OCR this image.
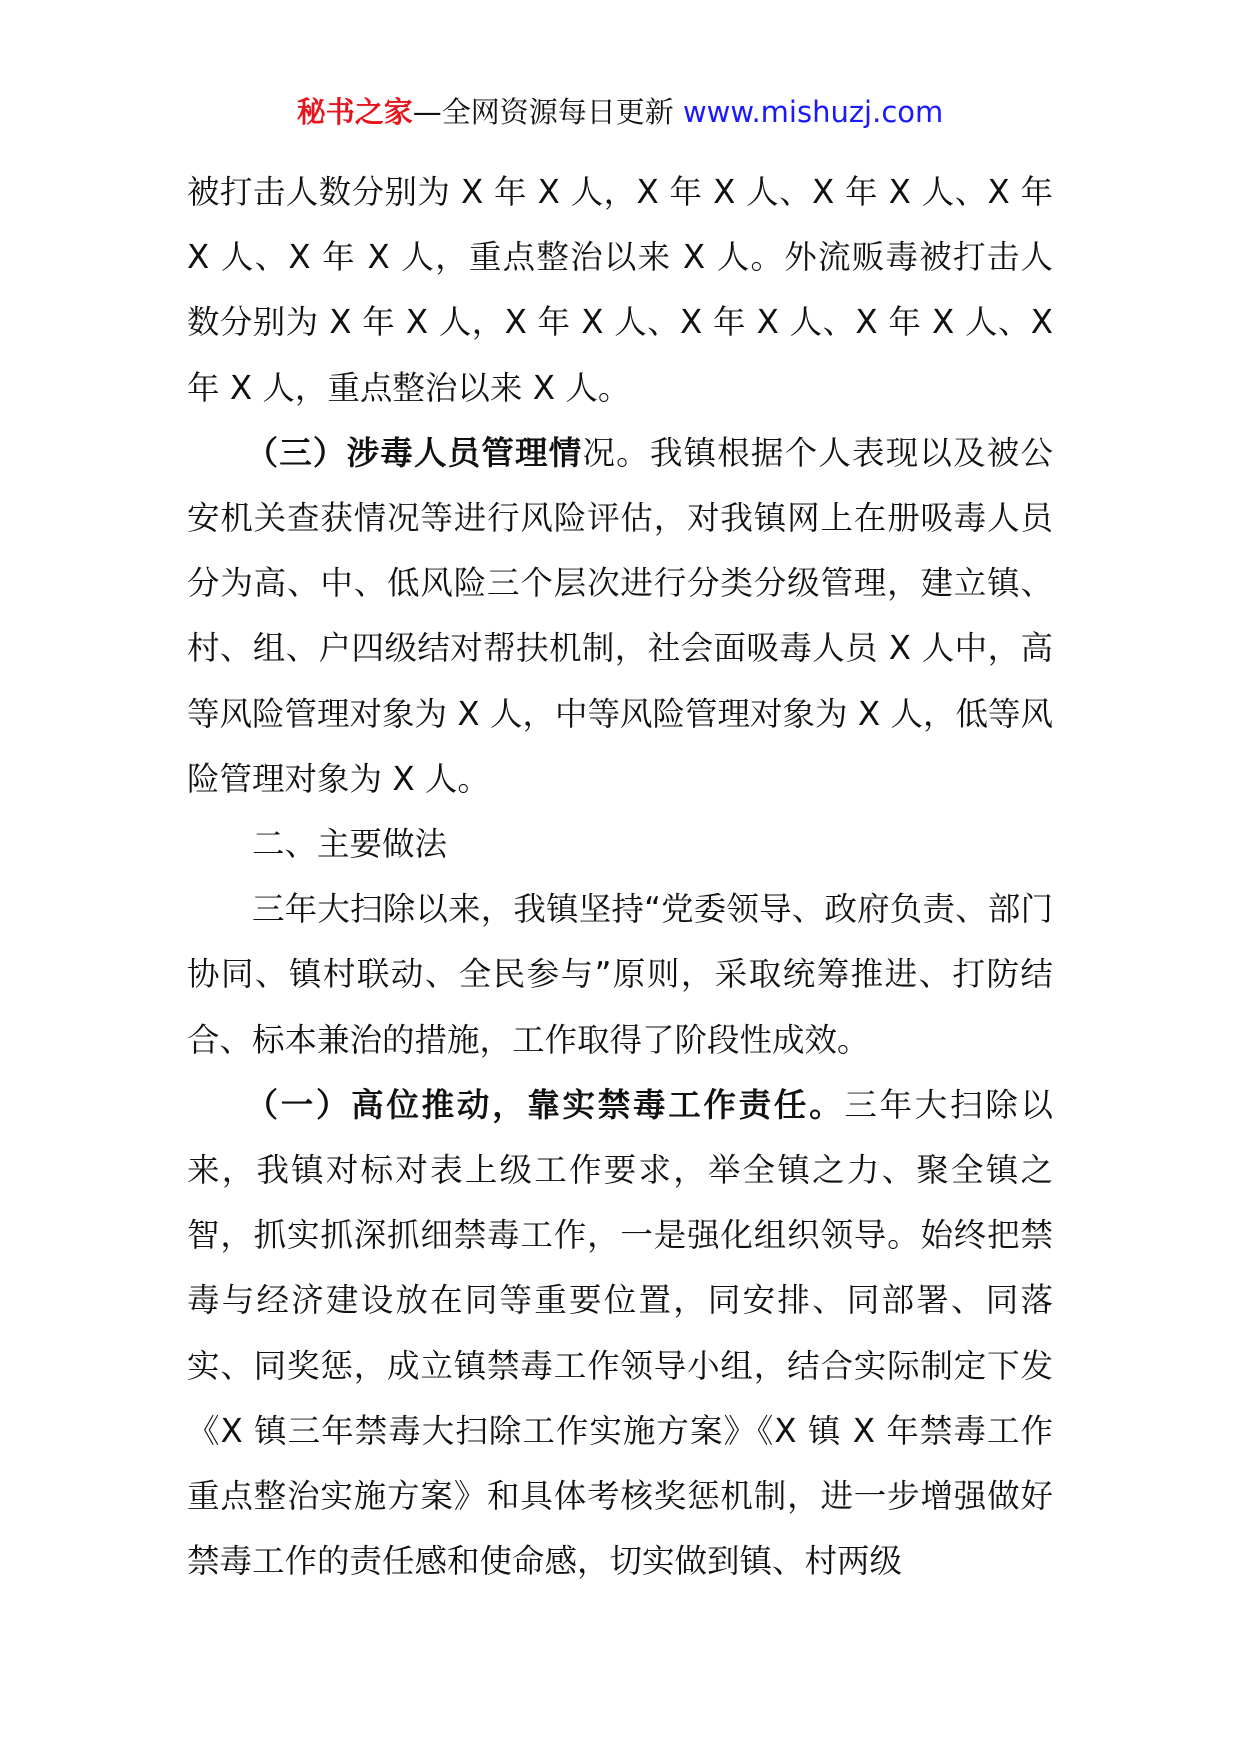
秘书之家—全网资源每日更新 www.mishuzj.com

被打击人数分别为 X 年 X 人，X 年 X 人、X 年 X 人、X 年 X 人、X 年 X 人，重点整治以来 X 人。外流贩毒被打击人数分别为 X 年 X 人，X 年 X 人、X 年 X 人、X 年 X 人、X 年 X 人，重点整治以来 X 人。

（三）涉毒人员管理情况。我镇根据个人表现以及被公安机关查获情况等进行风险评估，对我镇网上在册吸毒人员分为高、中、低风险三个层次进行分类分级管理，建立镇、村、组、户四级结对帮扶机制，社会面吸毒人员 X 人中，高等风险管理对象为 X 人，中等风险管理对象为 X 人，低等风险管理对象为 X 人。

二、主要做法

三年大扫除以来，我镇坚持“党委领导、政府负责、部门协同、镇村联动、全民参与”原则，采取统筹推进、打防结合、标本兼治的措施，工作取得了阶段性成效。

（一）高位推动，靠实禁毒工作责任。三年大扫除以来，我镇对标对表上级工作要求，举全镇之力、聚全镇之智，抓实抓深抓细禁毒工作，一是强化组织领导。始终把禁毒与经济建设放在同等重要位置，同安排、同部署、同落实、同奖惩，成立镇禁毒工作领导小组，结合实际制定下发《X 镇三年禁毒大扫除工作实施方案》《X 镇 X 年禁毒工作重点整治实施方案》和具体考核奖惩机制，进一步增强做好禁毒工作的责任感和使命感，切实做到镇、村两级
